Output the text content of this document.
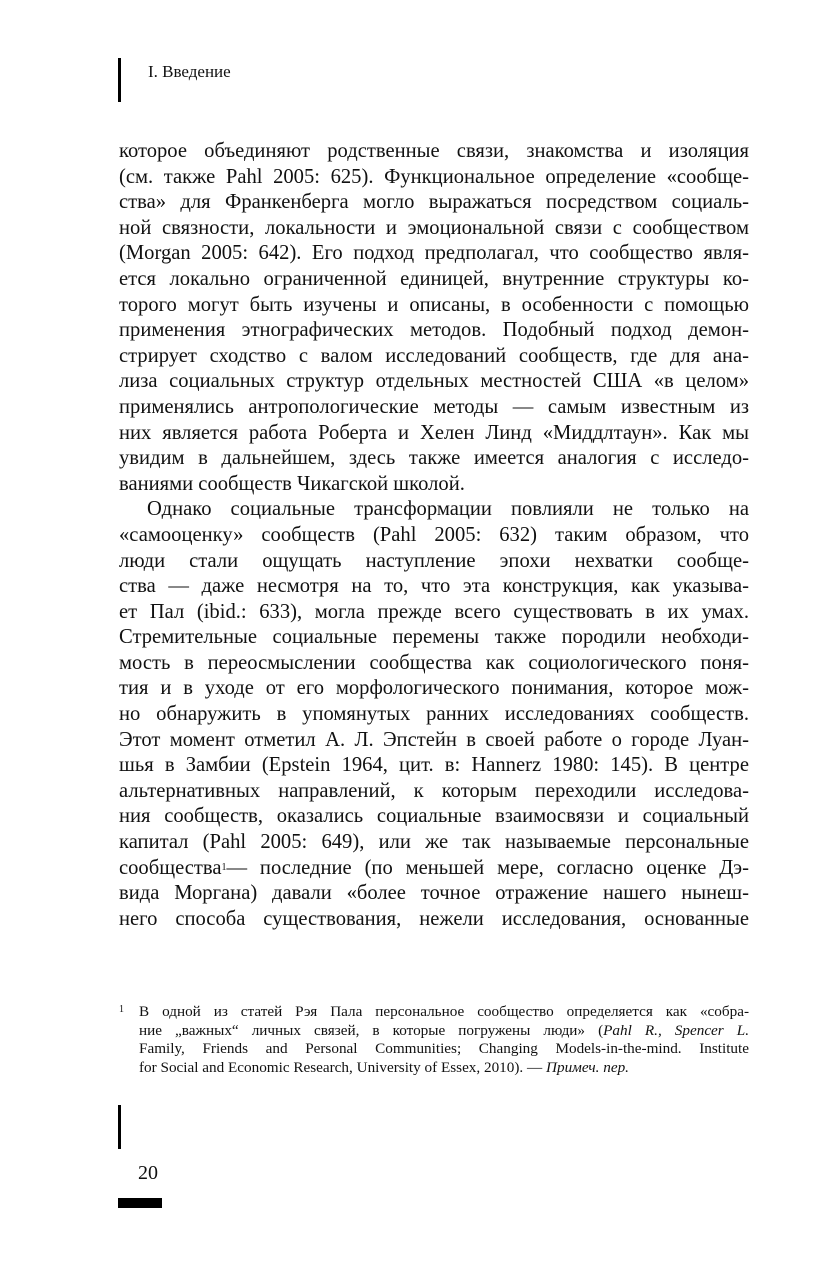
I. Введение
которое объединяют родственные связи, знакомства и изоляция
(см. также Pahl 2005: 625). Функциональное определение «сообще-
ства» для Франкенберга могло выражаться посредством социаль-
ной связности, локальности и эмоциональной связи с сообществом
(Morgan 2005: 642). Его подход предполагал, что сообщество явля-
ется локально ограниченной единицей, внутренние структуры ко-
торого могут быть изучены и описаны, в особенности с помощью
применения этнографических методов. Подобный подход демон-
стрирует сходство с валом исследований сообществ, где для ана-
лиза социальных структур отдельных местностей США «в целом»
применялись антропологические методы — самым известным из
них является работа Роберта и Хелен Линд «Миддлтаун». Как мы
увидим в дальнейшем, здесь также имеется аналогия с исследо-
ваниями сообществ Чикагской школой.
Однако социальные трансформации повлияли не только на
«самооценку» сообществ (Pahl 2005: 632) таким образом, что
люди стали ощущать наступление эпохи нехватки сообще-
ства — даже несмотря на то, что эта конструкция, как указыва-
ет Пал (ibid.: 633), могла прежде всего существовать в их умах.
Стремительные социальные перемены также породили необходи-
мость в переосмыслении сообщества как социологического поня-
тия и в уходе от его морфологического понимания, которое мож-
но обнаружить в упомянутых ранних исследованиях сообществ.
Этот момент отметил А. Л. Эпстейн в своей работе о городе Луан-
шья в Замбии (Epstein 1964, цит. в: Hannerz 1980: 145). В центре
альтернативных направлений, к которым переходили исследова-
ния сообществ, оказались социальные взаимосвязи и социальный
капитал (Pahl 2005: 649), или же так называемые персональные
сообщества$^1$— последние (по меньшей мере, согласно оценке Дэ-
вида Моргана) давали «более точное отражение нашего нынеш-
него способа существования, нежели исследования, основанные
1 В одной из статей Рэя Пала персональное сообщество определяется как «собра-
ние „важных“ личных связей, в которые погружены люди» (Pahl R., Spencer L.
Family, Friends and Personal Communities; Changing Models-in-the-mind. Institute
for Social and Economic Research, University of Essex, 2010). — Примеч. пер.
20
